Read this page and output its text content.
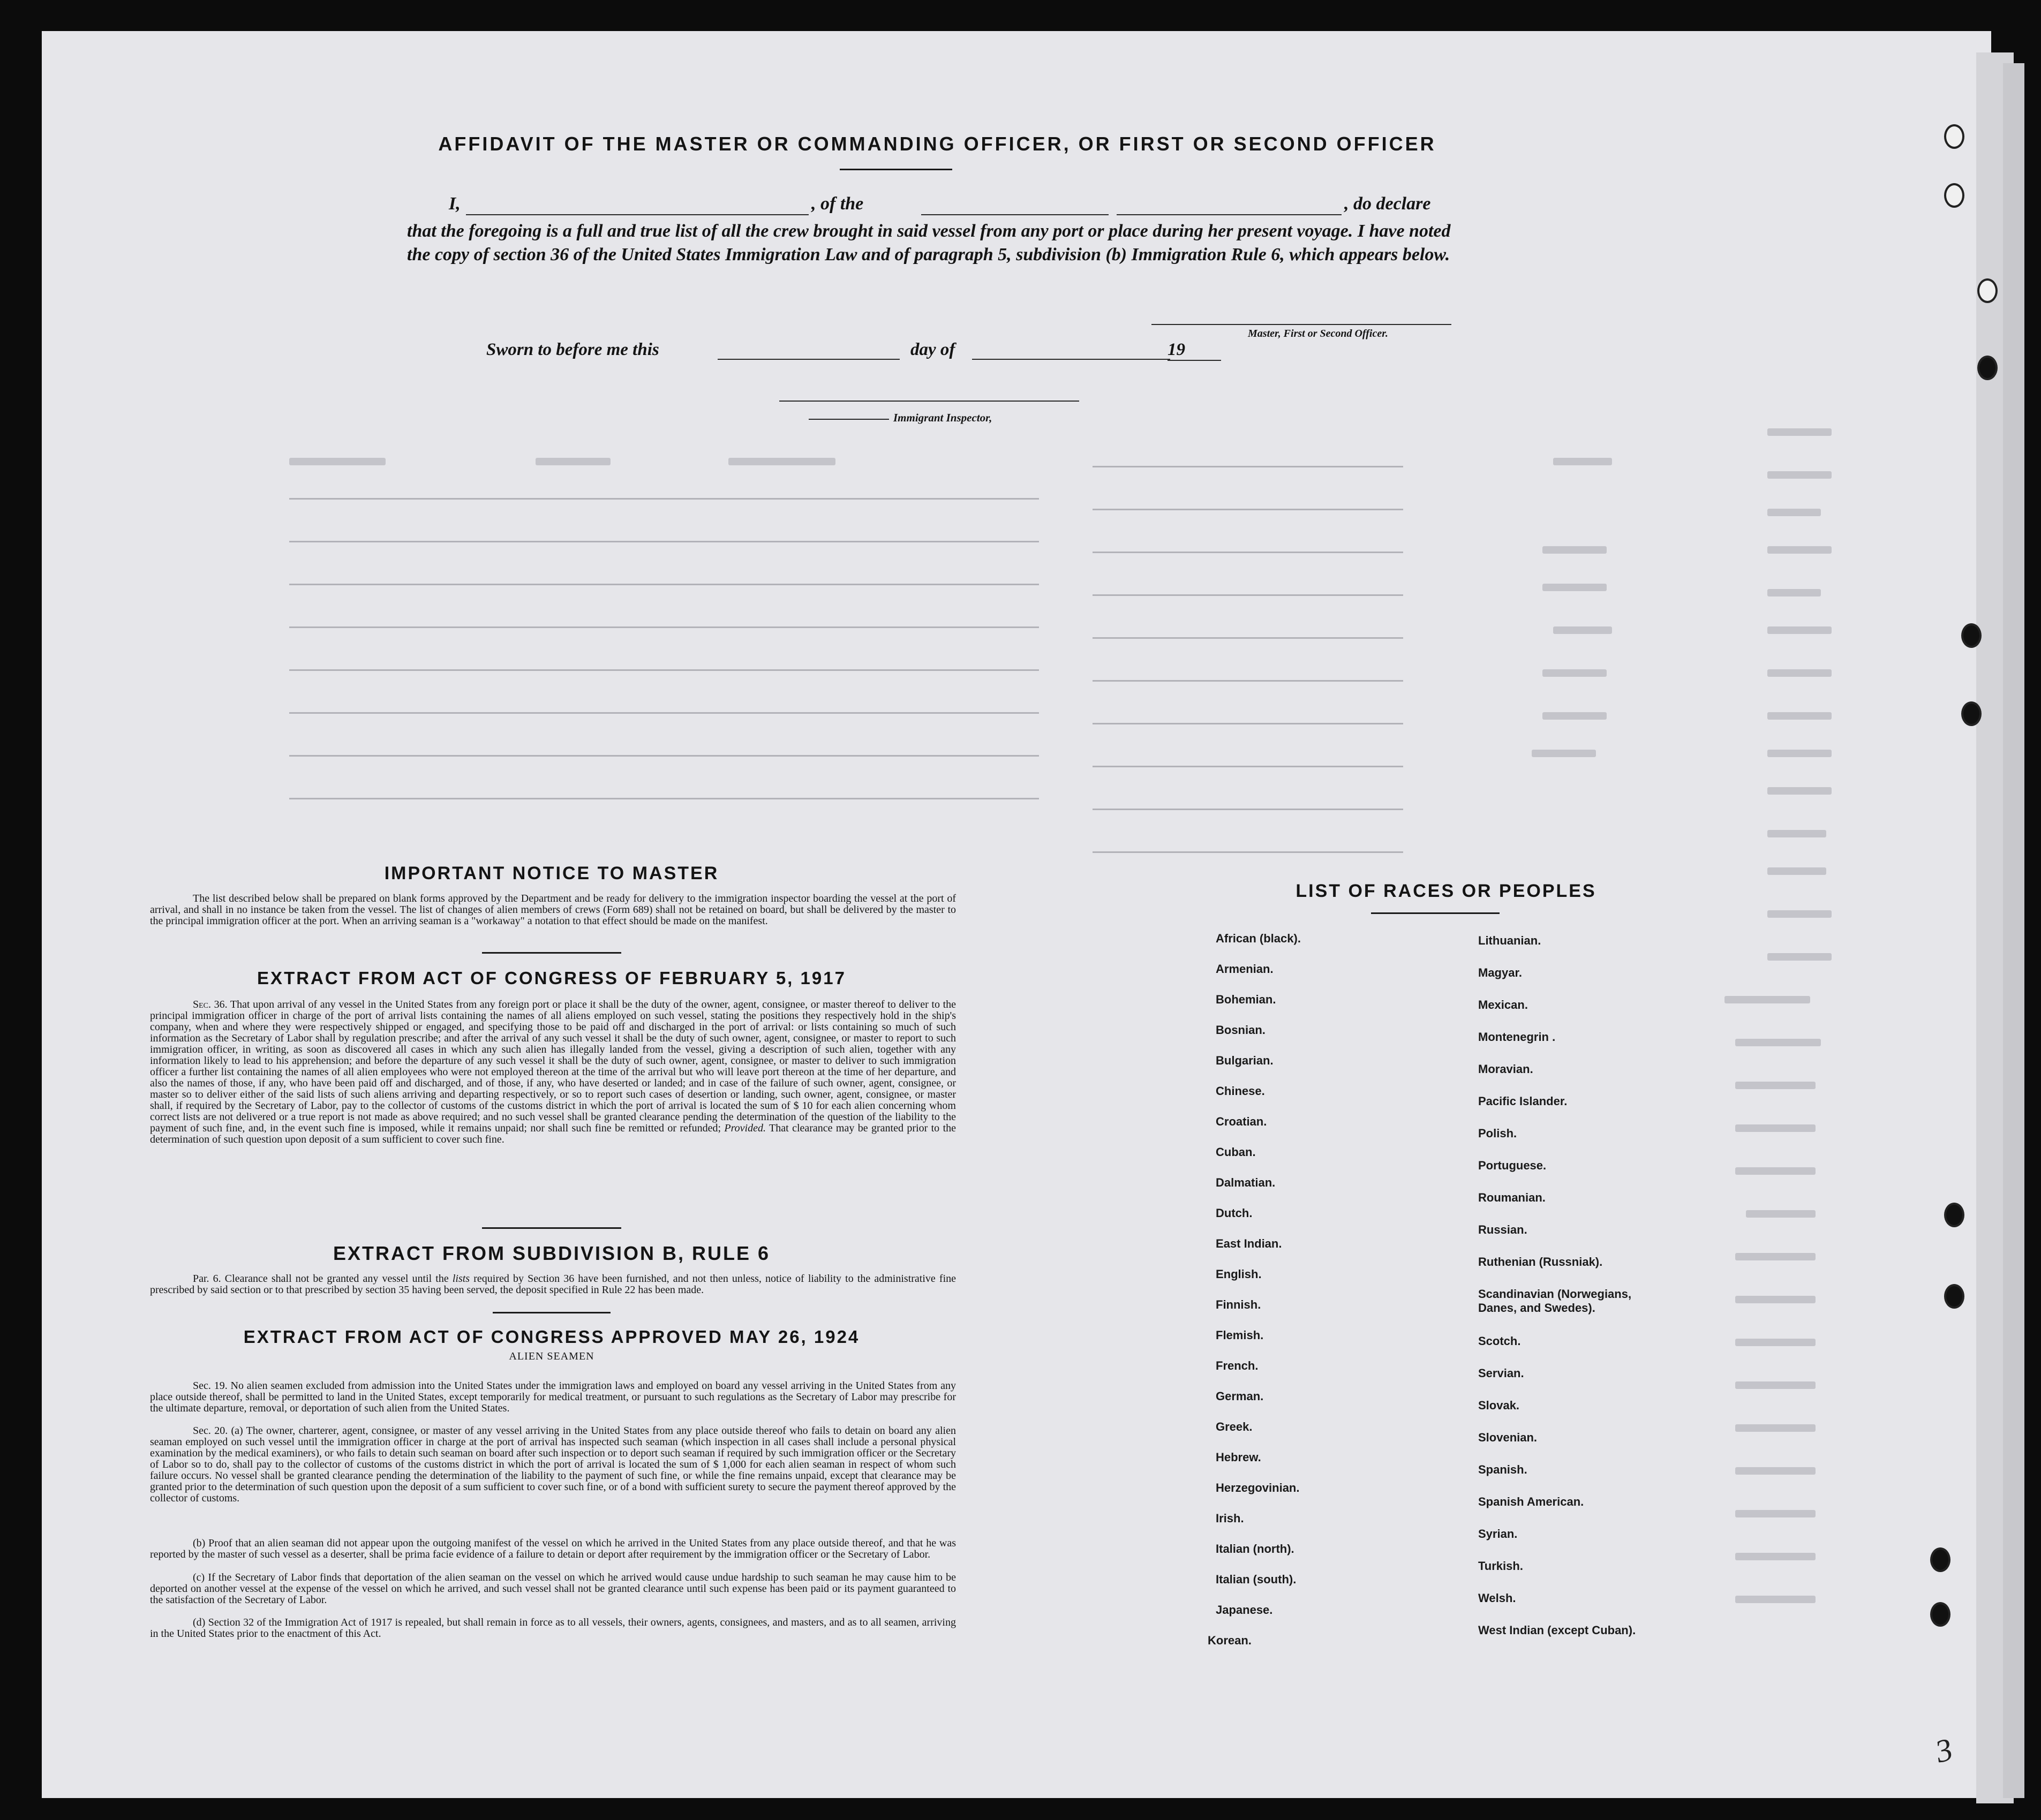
AFFIDAVIT OF THE MASTER OR COMMANDING OFFICER, OR FIRST OR SECOND OFFICER
I,	, of the	, do declare
that the foregoing is a full and true list of all the crew brought in said vessel from any port or place during her present voyage. I have noted the copy of section 36 of the United States Immigration Law and of paragraph 5, subdivision (b) Immigration Rule 6, which appears below.
Master, First or Second Officer.
Sworn to before me this	day of	19
Immigrant Inspector,
IMPORTANT NOTICE TO MASTER
The list described below shall be prepared on blank forms approved by the Department and be ready for delivery to the immigration inspector boarding the vessel at the port of arrival, and shall in no instance be taken from the vessel. The list of changes of alien members of crews (Form 689) shall not be retained on board, but shall be delivered by the master to the principal immigration officer at the port. When an arriving seaman is a "workaway" a notation to that effect should be made on the manifest.
EXTRACT FROM ACT OF CONGRESS OF FEBRUARY 5, 1917
Sec. 36. That upon arrival of any vessel in the United States from any foreign port or place it shall be the duty of the owner, agent, consignee, or master thereof to deliver to the principal immigration officer in charge of the port of arrival lists containing the names of all aliens employed on such vessel, stating the positions they respectively hold in the ship's company, when and where they were respectively shipped or engaged, and specifying those to be paid off and discharged in the port of arrival: or lists containing so much of such information as the Secretary of Labor shall by regulation prescribe; and after the arrival of any such vessel it shall be the duty of such owner, agent, consignee, or master to report to such immigration officer, in writing, as soon as discovered all cases in which any such alien has illegally landed from the vessel, giving a description of such alien, together with any information likely to lead to his apprehension; and before the departure of any such vessel it shall be the duty of such owner, agent, consignee, or master to deliver to such immigration officer a further list containing the names of all alien employees who were not employed thereon at the time of the arrival but who will leave port thereon at the time of her departure, and also the names of those, if any, who have been paid off and discharged, and of those, if any, who have deserted or landed; and in case of the failure of such owner, agent, consignee, or master so to deliver either of the said lists of such aliens arriving and departing respectively, or so to report such cases of desertion or landing, such owner, agent, consignee, or master shall, if required by the Secretary of Labor, pay to the collector of customs of the customs district in which the port of arrival is located the sum of $ 10 for each alien concerning whom correct lists are not delivered or a true report is not made as above required; and no such vessel shall be granted clearance pending the determination of the question of the liability to the payment of such fine, and, in the event such fine is imposed, while it remains unpaid; nor shall such fine be remitted or refunded; Provided. That clearance may be granted prior to the determination of such question upon deposit of a sum sufficient to cover such fine.
EXTRACT FROM SUBDIVISION B, RULE 6
Par. 6. Clearance shall not be granted any vessel until the lists required by Section 36 have been furnished, and not then unless, notice of liability to the administrative fine prescribed by said section or to that prescribed by section 35 having been served, the deposit specified in Rule 22 has been made.
EXTRACT FROM ACT OF CONGRESS APPROVED MAY 26, 1924
ALIEN SEAMEN
Sec. 19. No alien seamen excluded from admission into the United States under the immigration laws and employed on board any vessel arriving in the United States from any place outside thereof, shall be permitted to land in the United States, except temporarily for medical treatment, or pursuant to such regulations as the Secretary of Labor may prescribe for the ultimate departure, removal, or deportation of such alien from the United States.
Sec. 20. (a) The owner, charterer, agent, consignee, or master of any vessel arriving in the United States from any place outside thereof who fails to detain on board any alien seaman employed on such vessel until the immigration officer in charge at the port of arrival has inspected such seaman (which inspection in all cases shall include a personal physical examination by the medical examiners), or who fails to detain such seaman on board after such inspection or to deport such seaman if required by such immigration officer or the Secretary of Labor so to do, shall pay to the collector of customs of the customs district in which the port of arrival is located the sum of $ 1,000 for each alien seaman in respect of whom such failure occurs. No vessel shall be granted clearance pending the determination of the liability to the payment of such fine, or while the fine remains unpaid, except that clearance may be granted prior to the determination of such question upon the deposit of a sum sufficient to cover such fine, or of a bond with sufficient surety to secure the payment thereof approved by the collector of customs.
(b) Proof that an alien seaman did not appear upon the outgoing manifest of the vessel on which he arrived in the United States from any place outside thereof, and that he was reported by the master of such vessel as a deserter, shall be prima facie evidence of a failure to detain or deport after requirement by the immigration officer or the Secretary of Labor.
(c) If the Secretary of Labor finds that deportation of the alien seaman on the vessel on which he arrived would cause undue hardship to such seaman he may cause him to be deported on another vessel at the expense of the vessel on which he arrived, and such vessel shall not be granted clearance until such expense has been paid or its payment guaranteed to the satisfaction of the Secretary of Labor.
(d) Section 32 of the Immigration Act of 1917 is repealed, but shall remain in force as to all vessels, their owners, agents, consignees, and masters, and as to all seamen, arriving in the United States prior to the enactment of this Act.
LIST OF RACES OR PEOPLES
African (black).
Armenian.
Bohemian.
Bosnian.
Bulgarian.
Chinese.
Croatian.
Cuban.
Dalmatian.
Dutch.
East Indian.
English.
Finnish.
Flemish.
French.
German.
Greek.
Hebrew.
Herzegovinian.
Irish.
Italian (north).
Italian (south).
Japanese.
Korean.
Lithuanian.
Magyar.
Mexican.
Montenegrin .
Moravian.
Pacific Islander.
Polish.
Portuguese.
Roumanian.
Russian.
Ruthenian (Russniak).
Scandinavian (Norwegians, Danes, and Swedes).
Scotch.
Servian.
Slovak.
Slovenian.
Spanish.
Spanish American.
Syrian.
Turkish.
Welsh.
West Indian (except Cuban).
3
